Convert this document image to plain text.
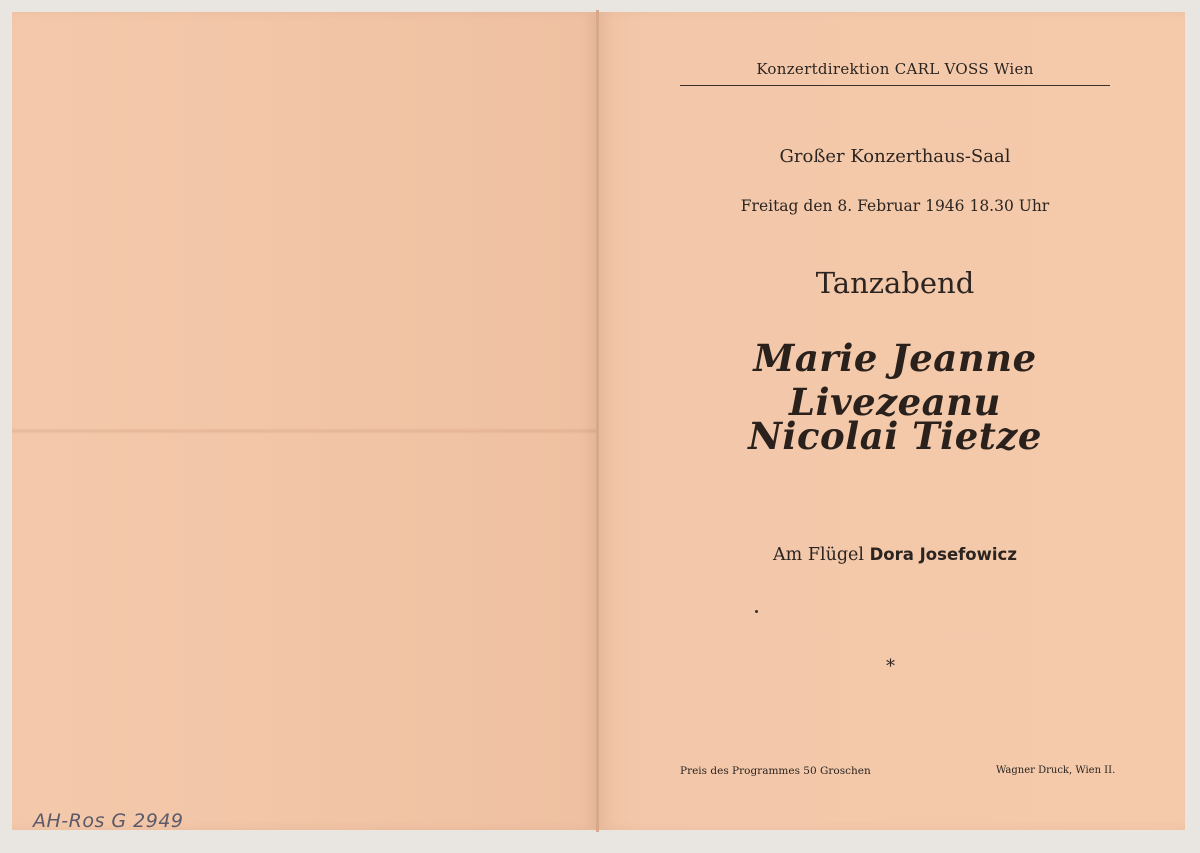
Konzertdirektion CARL VOSS Wien
Großer Konzerthaus-Saal
Freitag den 8. Februar 1946 18.30 Uhr
Tanzabend
Marie Jeanne Livezeanu
Nicolai Tietze
Am Flügel Dora Josefowicz
*
Preis des Programmes 50 Groschen	Wagner Druck, Wien II.
AH-Ros G 2949
